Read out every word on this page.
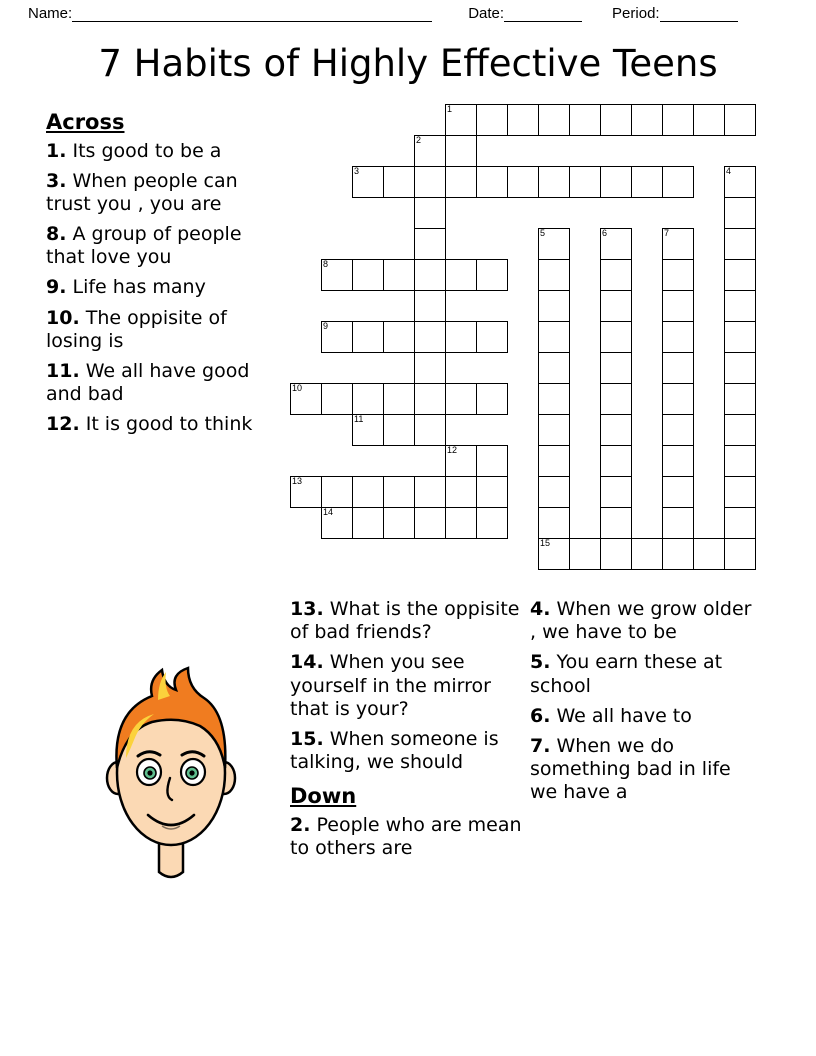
Name:	Date:	Period:
7 Habits of Highly Effective Teens
1
2
3	4
5	6	7
8
9
10
11
12
13
14
15
Across
1. Its good to be a
3. When people can trust you , you are
8. A group of people that love you
9. Life has many
10. The oppisite of losing is
11. We all have good and bad
12. It is good to think
13. What is the oppisite of bad friends?
14. When you see yourself in the mirror that is your?
15. When someone is talking, we should
Down
2. People who are mean to others are
4. When we grow older , we have to be
5. You earn these at school
6. We all have to
7. When we do something bad in life we have a
